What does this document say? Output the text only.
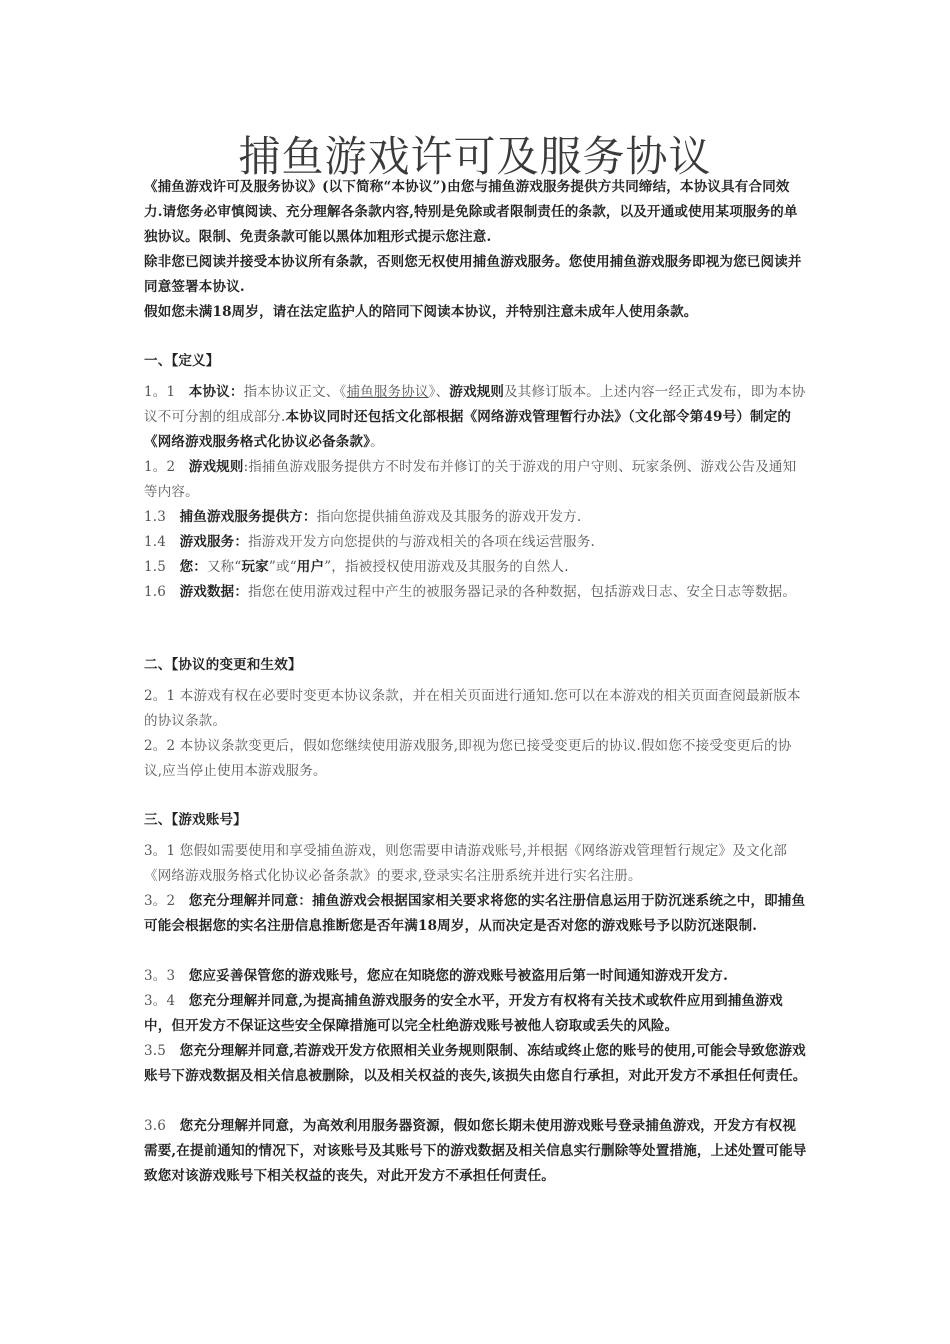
捕鱼游戏许可及服务协议
《捕鱼游戏许可及服务协议》(以下简称“本协议”)由您与捕鱼游戏服务提供方共同缔结，本协议具有合同效力.请您务必审慎阅读、充分理解各条款内容,特别是免除或者限制责任的条款，以及开通或使用某项服务的单独协议。限制、免责条款可能以黑体加粗形式提示您注意.
除非您已阅读并接受本协议所有条款，否则您无权使用捕鱼游戏服务。您使用捕鱼游戏服务即视为您已阅读并同意签署本协议.
假如您未满18周岁，请在法定监护人的陪同下阅读本协议，并特别注意未成年人使用条款。
一、【定义】
1。1 本协议：指本协议正文、《捕鱼服务协议》、游戏规则及其修订版本。上述内容一经正式发布，即为本协议不可分割的组成部分.本协议同时还包括文化部根据《网络游戏管理暂行办法》（文化部令第49号）制定的《网络游戏服务格式化协议必备条款》。
1。2 游戏规则:指捕鱼游戏服务提供方不时发布并修订的关于游戏的用户守则、玩家条例、游戏公告及通知等内容。
1.3 捕鱼游戏服务提供方：指向您提供捕鱼游戏及其服务的游戏开发方.
1.4 游戏服务：指游戏开发方向您提供的与游戏相关的各项在线运营服务.
1.5 您：又称“玩家”或“用户”，指被授权使用游戏及其服务的自然人.
1.6 游戏数据：指您在使用游戏过程中产生的被服务器记录的各种数据，包括游戏日志、安全日志等数据。
二、【协议的变更和生效】
2。1 本游戏有权在必要时变更本协议条款，并在相关页面进行通知.您可以在本游戏的相关页面查阅最新版本的协议条款。
2。2 本协议条款变更后，假如您继续使用游戏服务,即视为您已接受变更后的协议.假如您不接受变更后的协议,应当停止使用本游戏服务。
三、【游戏账号】
3。1 您假如需要使用和享受捕鱼游戏，则您需要申请游戏账号,并根据《网络游戏管理暂行规定》及文化部《网络游戏服务格式化协议必备条款》的要求,登录实名注册系统并进行实名注册。
3。2 您充分理解并同意：捕鱼游戏会根据国家相关要求将您的实名注册信息运用于防沉迷系统之中，即捕鱼可能会根据您的实名注册信息推断您是否年满18周岁，从而决定是否对您的游戏账号予以防沉迷限制.
3。3 您应妥善保管您的游戏账号，您应在知晓您的游戏账号被盗用后第一时间通知游戏开发方.
3。4 您充分理解并同意,为提高捕鱼游戏服务的安全水平，开发方有权将有关技术或软件应用到捕鱼游戏中，但开发方不保证这些安全保障措施可以完全杜绝游戏账号被他人窃取或丢失的风险。
3.5 您充分理解并同意,若游戏开发方依照相关业务规则限制、冻结或终止您的账号的使用,可能会导致您游戏账号下游戏数据及相关信息被删除，以及相关权益的丧失,该损失由您自行承担，对此开发方不承担任何责任。
3.6 您充分理解并同意，为高效利用服务器资源，假如您长期未使用游戏账号登录捕鱼游戏，开发方有权视需要,在提前通知的情况下，对该账号及其账号下的游戏数据及相关信息实行删除等处置措施，上述处置可能导致您对该游戏账号下相关权益的丧失，对此开发方不承担任何责任。
